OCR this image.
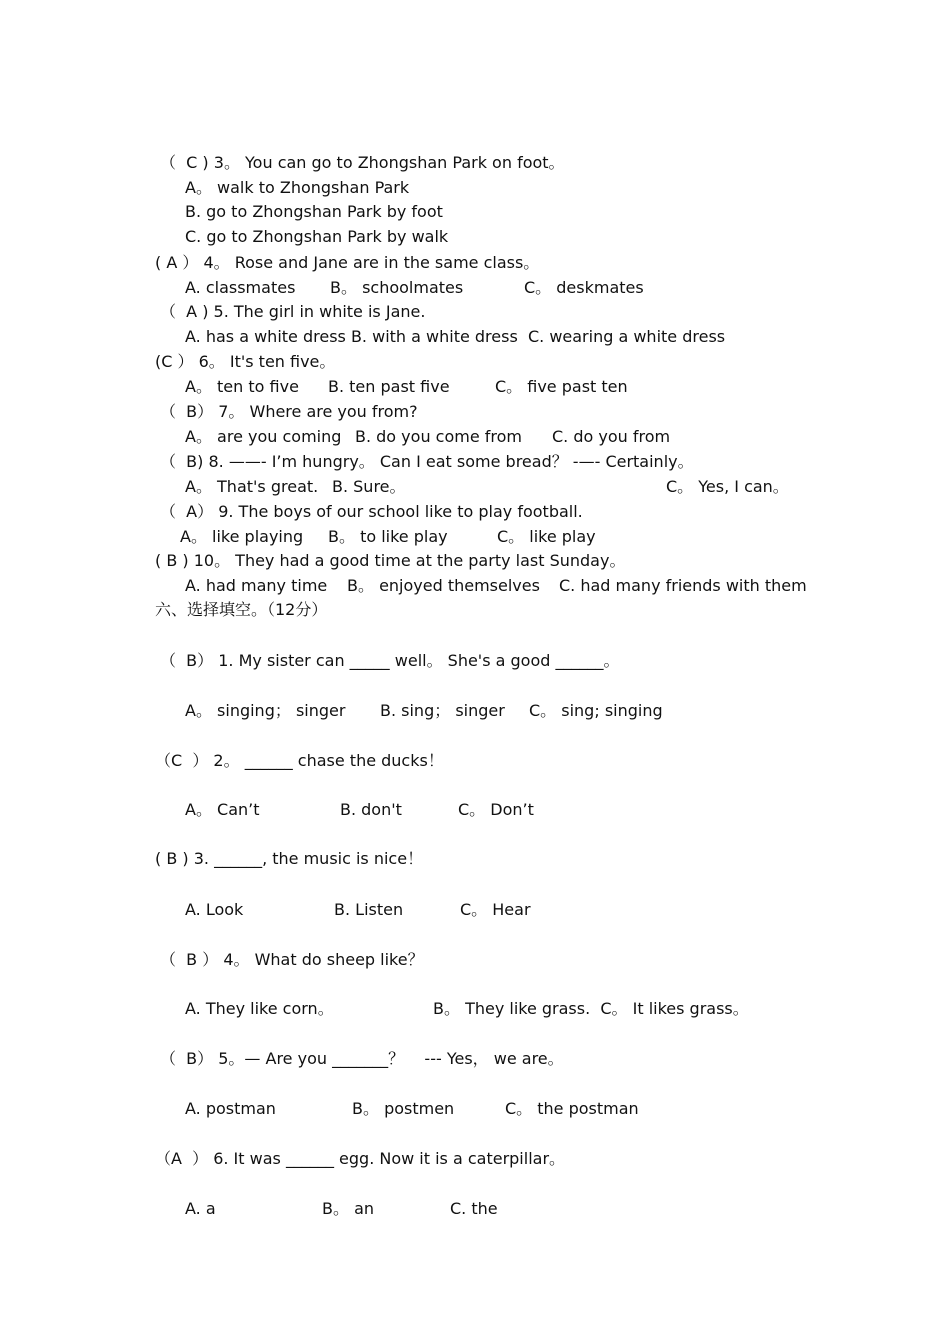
（  C ) 3。 You can go to Zhongshan Park on foot。
A。 walk to Zhongshan Park
B. go to Zhongshan Park by foot
C. go to Zhongshan Park by walk
( A ） 4。 Rose and Jane are in the same class。
A. classmates B。 schoolmates	C。 deskmates
（  A ) 5. The girl in white is Jane.
A. has a white dress B. with a white dress  C. wearing a white dress
(C ） 6。 It's ten five。
A。 ten to five B. ten past five	C。 five past ten
（  B） 7。 Where are you from?
A。 are you coming B. do you come from C. do you from
（  B) 8. ——- I’m hungry。 Can I eat some bread？ -—- Certainly。
A。 That's great. B. Sure。	C。 Yes, I can。
（  A） 9. The boys of our school like to play football.
A。 like playing B。 to like play	C。 like play
( B ) 10。 They had a good time at the party last Sunday。
A. had many time B。 enjoyed themselves C. had many friends with them
六、选择填空。（12分）
（  B） 1. My sister can _____ well。 She's a good ______。
A。 singing； singer B. sing； singer C。 sing; singing
（C  ） 2。 ______ chase the ducks！
A。 Can’t	B. don't	C。 Don’t
( B ) 3. ______, the music is nice！
A. Look	B. Listen	C。 Hear
（  B ） 4。 What do sheep like？
A. They like corn。	B。 They like grass.  C。 It likes grass。
（  B） 5。— Are you _______？    --- Yes， we are。
A. postman	B。 postmen	C。 the postman
（A  ） 6. It was ______ egg. Now it is a caterpillar。
A. a	B。 an	C. the
